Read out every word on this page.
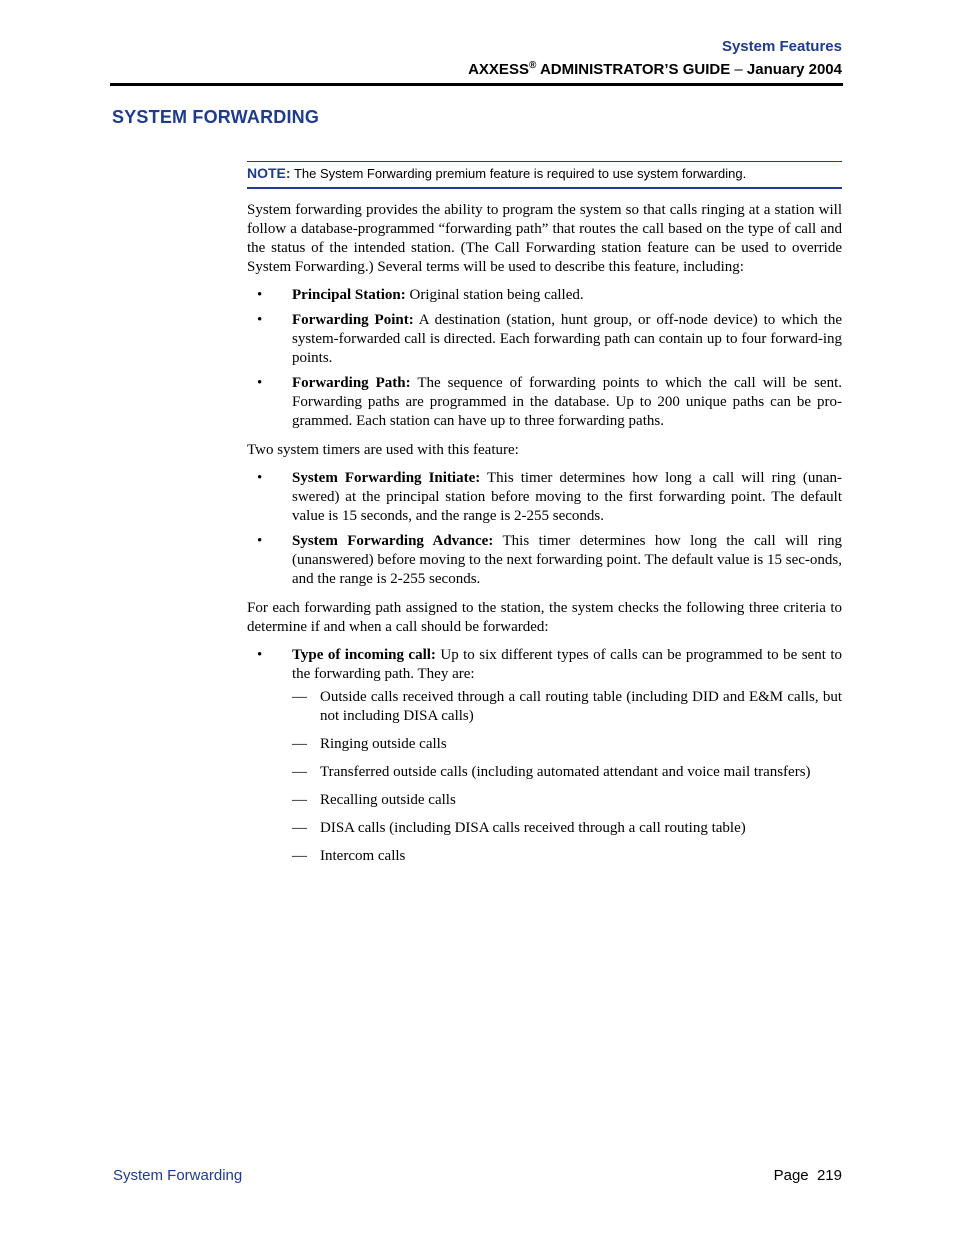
System Features
AXXESS® ADMINISTRATOR’S GUIDE – January 2004
SYSTEM FORWARDING
NOTE: The System Forwarding premium feature is required to use system forwarding.

System forwarding provides the ability to program the system so that calls ringing at a station will follow a database-programmed “forwarding path” that routes the call based on the type of call and the status of the intended station. (The Call Forwarding station feature can be used to override System Forwarding.) Several terms will be used to describe this feature, including:

• Principal Station: Original station being called.
• Forwarding Point: A destination (station, hunt group, or off-node device) to which the system-forwarded call is directed. Each forwarding path can contain up to four forward-ing points.
• Forwarding Path: The sequence of forwarding points to which the call will be sent. Forwarding paths are programmed in the database. Up to 200 unique paths can be pro-grammed. Each station can have up to three forwarding paths.

Two system timers are used with this feature:

• System Forwarding Initiate: This timer determines how long a call will ring (unan-swered) at the principal station before moving to the first forwarding point. The default value is 15 seconds, and the range is 2-255 seconds.
• System Forwarding Advance: This timer determines how long the call will ring (unanswered) before moving to the next forwarding point. The default value is 15 sec-onds, and the range is 2-255 seconds.

For each forwarding path assigned to the station, the system checks the following three criteria to determine if and when a call should be forwarded:

• Type of incoming call: Up to six different types of calls can be programmed to be sent to the forwarding path. They are:
— Outside calls received through a call routing table (including DID and E&M calls, but not including DISA calls)
— Ringing outside calls
— Transferred outside calls (including automated attendant and voice mail transfers)
— Recalling outside calls
— DISA calls (including DISA calls received through a call routing table)
— Intercom calls
System Forwarding	Page  219
